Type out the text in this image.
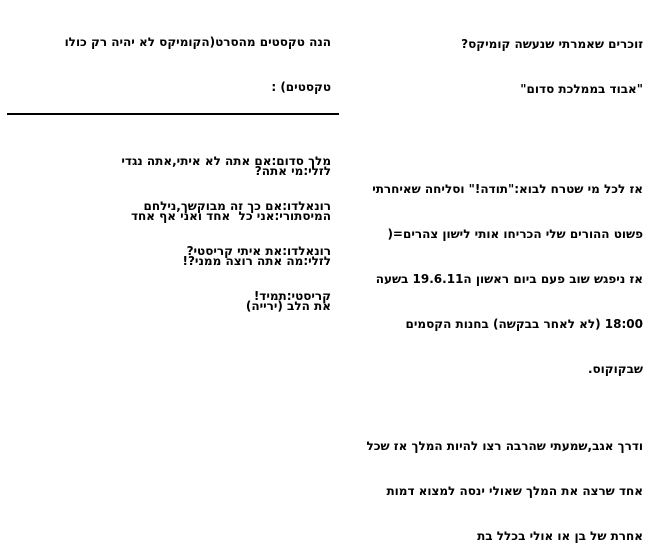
זוכרים שאמרתי שנעשה קומיקס?

"אבוד בממלכת סדום"

אז לכל מי שטרח לבוא:"תודה!" וסליחה שאיחרתי

פשוט ההורים שלי הכריחו אותי לישון צהרים=(

אז ניפגש שוב פעם ביום ראשון ה19.6.11 בשעה

18:00 (לא לאחר בבקשה) בחנות הקסמים

שבקוקוס.

ודרך אגב,שמעתי שהרבה רצו להיות המלך אז שכל

אחד שרצה את המלך שאולי ינסה למצוא דמות

אחרת של בן או אולי בכלל בת

הנה טקסטים מהסרט(הקומיקס לא יהיה רק כולו

טקסטים) :

לזלי:מי אתה?

המיסתורי:אני כל  אחד ואני אף אחד

לזלי:מה אתה רוצה ממני?!

את הלב (ירייה)

מלך סדום:אם אתה לא איתי,אתה נגדי

רונאלדו:אם כך זה מבוקשך,נילחם

רונאלדו:את איתי קריסטי?

קריסטי:תמיד!
